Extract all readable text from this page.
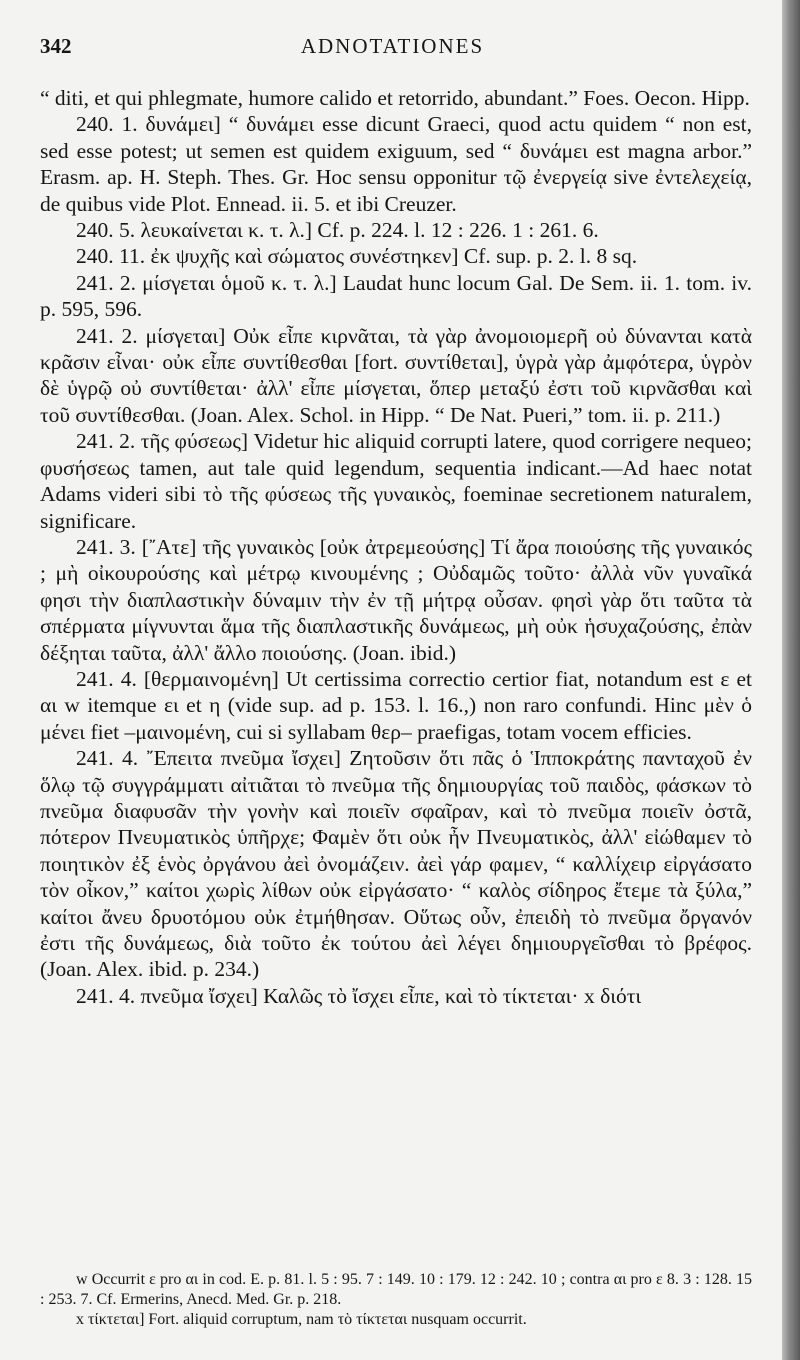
342	ADNOTATIONES

“ diti, et qui phlegmate, humore calido et retorrido, abundant.” Foes. Oecon. Hipp.

240. 1. δυνάμει] “ δυνάμει esse dicunt Graeci, quod actu quidem “ non est, sed esse potest; ut semen est quidem exiguum, sed “ δυνάμει est magna arbor.” Erasm. ap. H. Steph. Thes. Gr. Hoc sensu opponitur τῷ ἐνεργείᾳ sive ἐντελεχείᾳ, de quibus vide Plot. Ennead. ii. 5. et ibi Creuzer.

240. 5. λευκαίνεται κ. τ. λ.] Cf. p. 224. l. 12 : 226. 1 : 261. 6.

240. 11. ἐκ ψυχῆς καὶ σώματος συνέστηκεν] Cf. sup. p. 2. l. 8 sq.

241. 2. μίσγεται ὁμοῦ κ. τ. λ.] Laudat hunc locum Gal. De Sem. ii. 1. tom. iv. p. 595, 596.

241. 2. μίσγεται] Οὐκ εἶπε κιρνᾶται, τὰ γὰρ ἀνομοιομερῆ οὐ δύνανται κατὰ κρᾶσιν εἶναι· οὐκ εἶπε συντίθεσθαι [fort. συντίθεται], ὑγρὰ γὰρ ἀμφότερα, ὑγρὸν δὲ ὑγρῷ οὐ συντίθεται· ἀλλ' εἶπε μίσγεται, ὅπερ μεταξύ ἐστι τοῦ κιρνᾶσθαι καὶ τοῦ συντίθεσθαι. (Joan. Alex. Schol. in Hipp. “ De Nat. Pueri,” tom. ii. p. 211.)

241. 2. τῆς φύσεως] Videtur hic aliquid corrupti latere, quod corrigere nequeo; φυσήσεως tamen, aut tale quid legendum, sequentia indicant.—Ad haec notat Adams videri sibi τὸ τῆς φύσεως τῆς γυναικὸς, foeminae secretionem naturalem, significare.

241. 3. [῎Ατε] τῆς γυναικὸς [οὐκ ἀτρεμεούσης] Τί ἄρα ποιούσης τῆς γυναικός ; μὴ οἰκουρούσης καὶ μέτρῳ κινουμένης ; Οὐδαμῶς τοῦτο· ἀλλὰ νῦν γυναῖκά φησι τὴν διαπλαστικὴν δύναμιν τὴν ἐν τῇ μήτρᾳ οὖσαν. φησὶ γὰρ ὅτι ταῦτα τὰ σπέρματα μίγνυνται ἅμα τῆς διαπλαστικῆς δυνάμεως, μὴ οὐκ ἡσυχαζούσης, ἐπὰν δέξηται ταῦτα, ἀλλ' ἄλλο ποιούσης. (Joan. ibid.)

241. 4. [θερμαινομένη] Ut certissima correctio certior fiat, notandum est ε et αι w itemque ει et η (vide sup. ad p. 153. l. 16.,) non raro confundi. Hinc μὲν ὁ μένει fiet –μαινομένη, cui si syllabam θερ– praefigas, totam vocem efficies.

241. 4. ῎Επειτα πνεῦμα ἴσχει] Ζητοῦσιν ὅτι πᾶς ὁ Ἱπποκράτης πανταχοῦ ἐν ὅλῳ τῷ συγγράμματι αἰτιᾶται τὸ πνεῦμα τῆς δημιουργίας τοῦ παιδὸς, φάσκων τὸ πνεῦμα διαφυσᾶν τὴν γονὴν καὶ ποιεῖν σφαῖραν, καὶ τὸ πνεῦμα ποιεῖν ὀστᾶ, πότερον Πνευματικὸς ὑπῆρχε; Φαμὲν ὅτι οὐκ ἦν Πνευματικὸς, ἀλλ' εἰώθαμεν τὸ ποιητικὸν ἐξ ἑνὸς ὀργάνου ἀεὶ ὀνομάζειν. ἀεὶ γάρ φαμεν, “ καλλίχειρ εἰργάσατο τὸν οἶκον,” καίτοι χωρὶς λίθων οὐκ εἰργάσατο· “ καλὸς σίδηρος ἔτεμε τὰ ξύλα,” καίτοι ἄνευ δρυοτόμου οὐκ ἐτμήθησαν. Οὕτως οὖν, ἐπειδὴ τὸ πνεῦμα ὄργανόν ἐστι τῆς δυνάμεως, διὰ τοῦτο ἐκ τούτου ἀεὶ λέγει δημιουργεῖσθαι τὸ βρέφος. (Joan. Alex. ibid. p. 234.)

241. 4. πνεῦμα ἴσχει] Καλῶς τὸ ἴσχει εἶπε, καὶ τὸ τίκτεται· x διότι

w Occurrit ε pro αι in cod. E. p. 81. l. 5 : 95. 7 : 149. 10 : 179. 12 : 242. 10 ; contra αι pro ε 8. 3 : 128. 15 : 253. 7. Cf. Ermerins, Anecd. Med. Gr. p. 218.

x τίκτεται] Fort. aliquid corruptum, nam τὸ τίκτεται nusquam occurrit.
